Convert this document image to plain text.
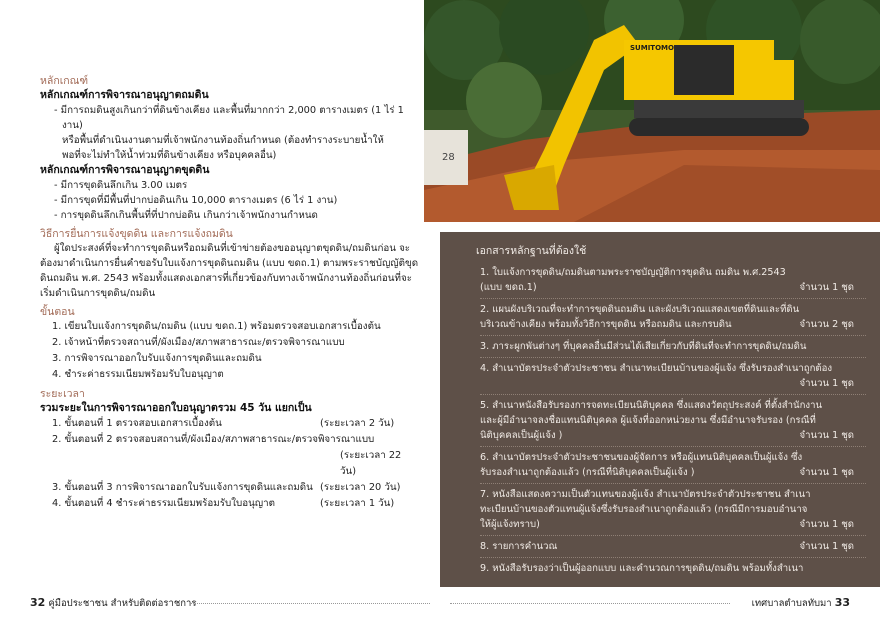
หลักเกณฑ์
หลักเกณฑ์การพิจารณาอนุญาตถมดิน
- มีการถมดินสูงเกินกว่าที่ดินข้างเคียง และพื้นที่มากกว่า 2,000 ตารางเมตร (1 ไร่ 1 งาน)
หรือพื้นที่ดำเนินงานตามที่เจ้าพนักงานท้องถิ่นกำหนด (ต้องทำรางระบายน้ำให้
พอที่จะไม่ทำให้น้ำท่วมที่ดินข้างเคียง หรือบุคคลอื่น)
หลักเกณฑ์การพิจารณาอนุญาตขุดดิน
- มีการขุดดินลึกเกิน 3.00 เมตร
- มีการขุดที่มีพื้นที่ปากบ่อดินเกิน 10,000 ตารางเมตร (6 ไร่ 1 งาน)
- การขุดดินลึกเกินพื้นที่ที่ปากบ่อดิน เกินกว่าเจ้าพนักงานกำหนด
วิธีการยื่นการแจ้งขุดดิน และการแจ้งถมดิน
ผู้ใดประสงค์ที่จะทำการขุดดินหรือถมดินที่เข้าข่ายต้องขออนุญาตขุดดิน/ถมดินก่อน จะ
ต้องมาดำเนินการยื่นคำขอรับใบแจ้งการขุดดินถมดิน (แบบ ขดถ.1) ตามพระราชบัญญัติขุด
ดินถมดิน พ.ศ. 2543 พร้อมทั้งแสดงเอกสารที่เกี่ยวข้องกับทางเจ้าพนักงานท้องถิ่นก่อนที่จะ
เริ่มดำเนินการขุดดิน/ถมดิน
ขั้นตอน
1. เขียนใบแจ้งการขุดดิน/ถมดิน (แบบ ขดถ.1) พร้อมตรวจสอบเอกสารเบื้องต้น
2. เจ้าหน้าที่ตรวจสถานที่/ผังเมือง/สภาพสาธารณะ/ตรวจพิจารณาแบบ
3. การพิจารณาออกใบรับแจ้งการขุดดินและถมดิน
4. ชำระค่าธรรมเนียมพร้อมรับใบอนุญาต
ระยะเวลา
รวมระยะในการพิจารณาออกใบอนุญาตรวม 45 วัน แยกเป็น
1. ขั้นตอนที่ 1 ตรวจสอบเอกสารเบื้องต้น	(ระยะเวลา 2 วัน)
2. ขั้นตอนที่ 2 ตรวจสอบสถานที่/ผังเมือง/สภาพสาธารณะ/ตรวจพิจารณาแบบ
(ระยะเวลา 22 วัน)
3. ขั้นตอนที่ 3 การพิจารณาออกใบรับแจ้งการขุดดินและถมดิน (ระยะเวลา 20 วัน)
4. ขั้นตอนที่ 4 ชำระค่าธรรมเนียมพร้อมรับใบอนุญาต	(ระยะเวลา 1 วัน)
28
SUMITOMO
เอกสารหลักฐานที่ต้องใช้
1. ใบแจ้งการขุดดิน/ถมดินตามพระราชบัญญัติการขุดดิน ถมดิน พ.ศ.2543
(แบบ ขดถ.1)	จำนวน 1 ชุด
2. แผนผังบริเวณที่จะทำการขุดดินถมดิน และผังบริเวณแสดงเขตที่ดินและที่ดิน
บริเวณข้างเคียง พร้อมทั้งวิธีการขุดดิน หรือถมดิน และกรบดิน	จำนวน 2 ชุด
3. ภาระผูกพันต่างๆ ที่บุคคลอื่นมีส่วนได้เสียเกี่ยวกับที่ดินที่จะทำการขุดดิน/ถมดิน
4. สำเนาบัตรประจำตัวประชาชน สำเนาทะเบียนบ้านของผู้แจ้ง ซึ่งรับรองสำเนาถูกต้อง
จำนวน 1 ชุด
5. สำเนาหนังสือรับรองการจดทะเบียนนิติบุคคล ซึ่งแสดงวัตถุประสงค์ ที่ตั้งสำนักงาน
และผู้มีอำนาจลงชื่อแทนนิติบุคคล ผู้แจ้งที่ออกหน่วยงาน ซึ่งมีอำนาจรับรอง (กรณีที่
นิติบุคคลเป็นผู้แจ้ง )	จำนวน 1 ชุด
6. สำเนาบัตรประจำตัวประชาชนของผู้จัดการ หรือผู้แทนนิติบุคคลเป็นผู้แจ้ง ซึ่ง
รับรองสำเนาถูกต้องแล้ว (กรณีที่นิติบุคคลเป็นผู้แจ้ง )	จำนวน 1 ชุด
7. หนังสือแสดงความเป็นตัวแทนของผู้แจ้ง สำเนาบัตรประจำตัวประชาชน สำเนา
ทะเบียนบ้านของตัวแทนผู้แจ้งซึ่งรับรองสำเนาถูกต้องแล้ว (กรณีมีการมอบอำนาจ
ให้ผู้แจ้งทราบ)	จำนวน 1 ชุด
8. รายการคำนวณ	จำนวน 1 ชุด
9. หนังสือรับรองว่าเป็นผู้ออกแบบ และคำนวณการขุดดิน/ถมดิน พร้อมทั้งสำเนา
32 คู่มือประชาชน สำหรับติดต่อราชการ	เทศบาลตำบลทับมา 33
